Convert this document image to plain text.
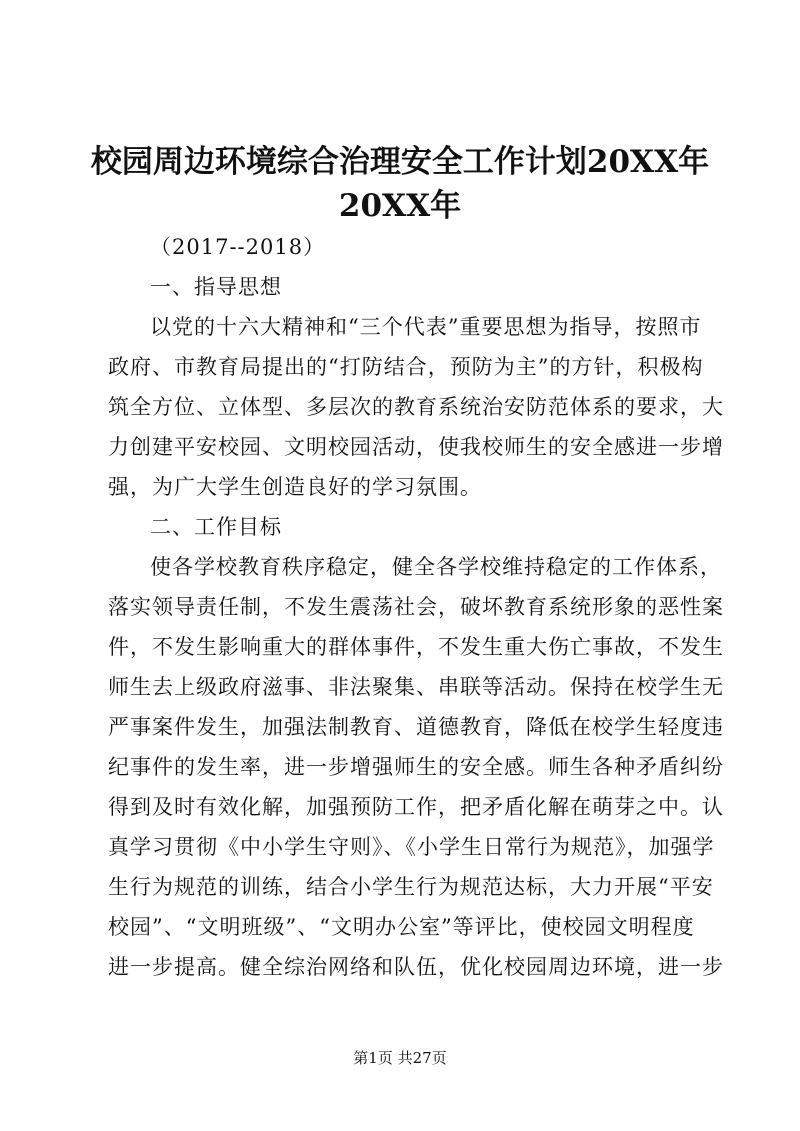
校园周边环境综合治理安全工作计划20XX年
20XX年
（2017--2018）
一、指导思想
以党的十六大精神和“三个代表”重要思想为指导，按照市
政府、市教育局提出的“打防结合，预防为主”的方针，积极构
筑全方位、立体型、多层次的教育系统治安防范体系的要求，大
力创建平安校园、文明校园活动，使我校师生的安全感进一步增
强，为广大学生创造良好的学习氛围。
二、工作目标
使各学校教育秩序稳定，健全各学校维持稳定的工作体系，
落实领导责任制，不发生震荡社会，破坏教育系统形象的恶性案
件，不发生影响重大的群体事件，不发生重大伤亡事故，不发生
师生去上级政府滋事、非法聚集、串联等活动。保持在校学生无
严事案件发生，加强法制教育、道德教育，降低在校学生轻度违
纪事件的发生率，进一步增强师生的安全感。师生各种矛盾纠纷
得到及时有效化解，加强预防工作，把矛盾化解在萌芽之中。认
真学习贯彻《中小学生守则》、《小学生日常行为规范》，加强学
生行为规范的训练，结合小学生行为规范达标，大力开展“平安
校园”、“文明班级”、“文明办公室”等评比，使校园文明程度
进一步提高。健全综治网络和队伍，优化校园周边环境，进一步
第1页 共27页
